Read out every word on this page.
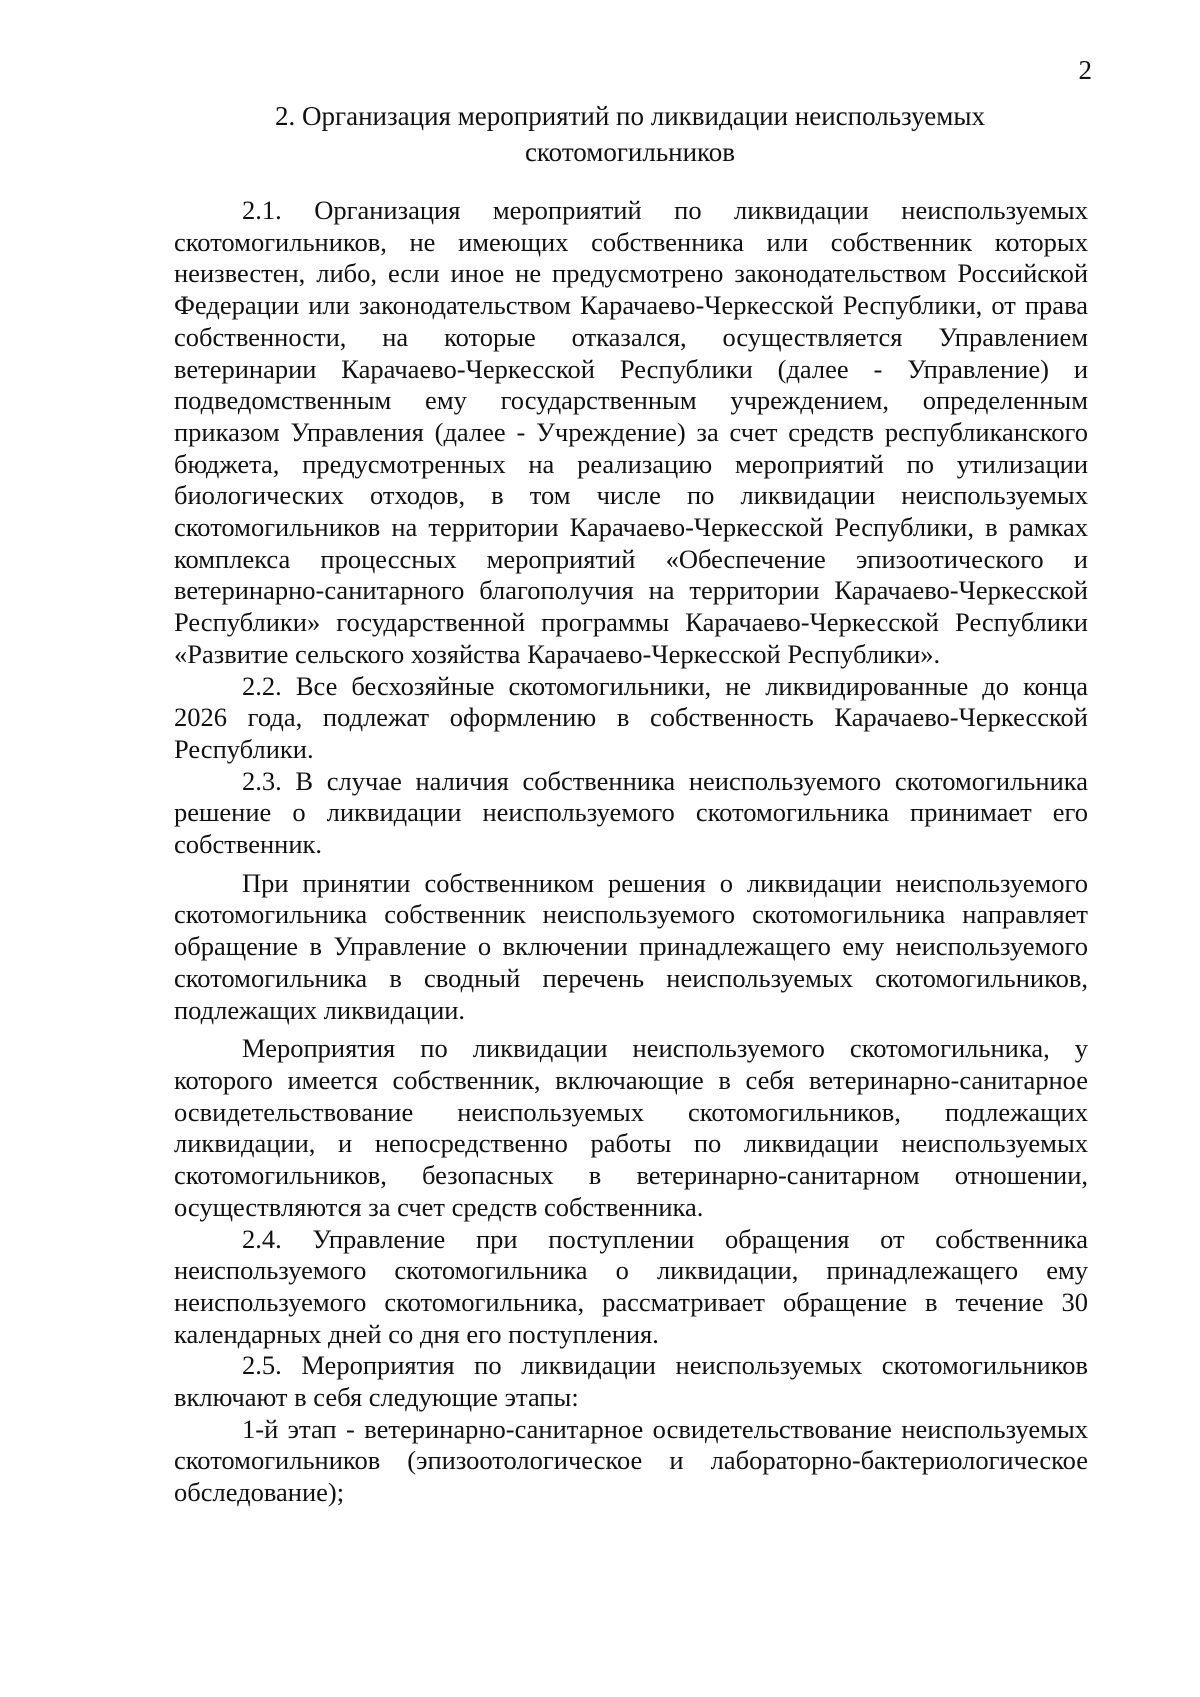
2
2. Организация мероприятий по ликвидации неиспользуемых
скотомогильников

2.1. Организация мероприятий по ликвидации неиспользуемых скотомогильников, не имеющих собственника или собственник которых неизвестен, либо, если иное не предусмотрено законодательством Российской Федерации или законодательством Карачаево-Черкесской Республики, от права собственности, на которые отказался, осуществляется Управлением ветеринарии Карачаево-Черкесской Республики (далее - Управление) и подведомственным ему государственным учреждением, определенным приказом Управления (далее - Учреждение) за счет средств республиканского бюджета, предусмотренных на реализацию мероприятий по утилизации биологических отходов, в том числе по ликвидации неиспользуемых скотомогильников на территории Карачаево-Черкесской Республики, в рамках комплекса процессных мероприятий «Обеспечение эпизоотического и ветеринарно-санитарного благополучия на территории Карачаево-Черкесской Республики» государственной программы Карачаево-Черкесской Республики «Развитие сельского хозяйства Карачаево-Черкесской Республики».

2.2. Все бесхозяйные скотомогильники, не ликвидированные до конца 2026 года, подлежат оформлению в собственность Карачаево-Черкесской Республики.

2.3. В случае наличия собственника неиспользуемого скотомогильника решение о ликвидации неиспользуемого скотомогильника принимает его собственник.

При принятии собственником решения о ликвидации неиспользуемого скотомогильника собственник неиспользуемого скотомогильника направляет обращение в Управление о включении принадлежащего ему неиспользуемого скотомогильника в сводный перечень неиспользуемых скотомогильников, подлежащих ликвидации.

Мероприятия по ликвидации неиспользуемого скотомогильника, у которого имеется собственник, включающие в себя ветеринарно-санитарное освидетельствование неиспользуемых скотомогильников, подлежащих ликвидации, и непосредственно работы по ликвидации неиспользуемых скотомогильников, безопасных в ветеринарно-санитарном отношении, осуществляются за счет средств собственника.

2.4. Управление при поступлении обращения от собственника неиспользуемого скотомогильника о ликвидации, принадлежащего ему неиспользуемого скотомогильника, рассматривает обращение в течение 30 календарных дней со дня его поступления.

2.5. Мероприятия по ликвидации неиспользуемых скотомогильников включают в себя следующие этапы:

1-й этап - ветеринарно-санитарное освидетельствование неиспользуемых скотомогильников (эпизоотологическое и лабораторно-бактериологическое обследование);
